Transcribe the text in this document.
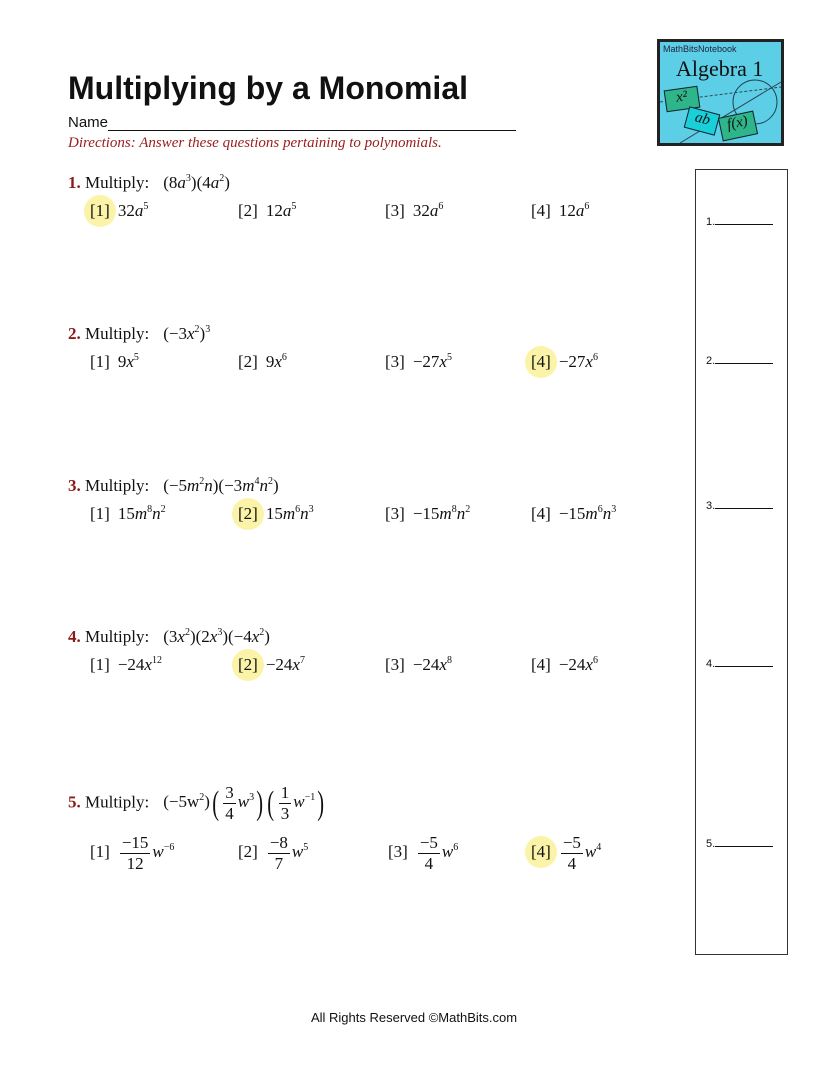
Multiplying by a Monomial
Name
Directions: Answer these questions pertaining to polynomials.
MathBitsNotebook
Algebra 1
x²
ab f(x)
1. Multiply: $(8a^3)(4a^2)$
[1] $32a^5$	[2] $12a^5$	[3] $32a^6$	[4] $12a^6$
2. Multiply: $(-3x^2)^3$
[1] $9x^5$	[2] $9x^6$	$[3] -27x^5$	$[4] -27x^6$
3. Multiply: $(-5m^2n)(-3m^4n^2)$
[1] $15m^8n^2$	[2] $15m^6n^3$	$[3] -15m^8n^2$	$[4] -15m^6n^3$
4. Multiply: $(3x^2)(2x^3)(-4x^2)$
$[1] -24x^{12}$	$[2] -24x^7$	$[3] -24x^8$	$[4] -24x^6$
5. Multiply: $(-5w^2)( \frac{3}{4} w^3)$ ( $\frac{1}{3} w^{-1}$)
$[1] \frac{-15}{12} w^{-6}$	$[2] \frac{-8}{7} w^5$	$[3] \frac{-5}{4} w^6$	$[4] \frac{-5}{4} w^4$
1.
2.
3.
4.
5.
All Rights Reserved ©MathBits.com
